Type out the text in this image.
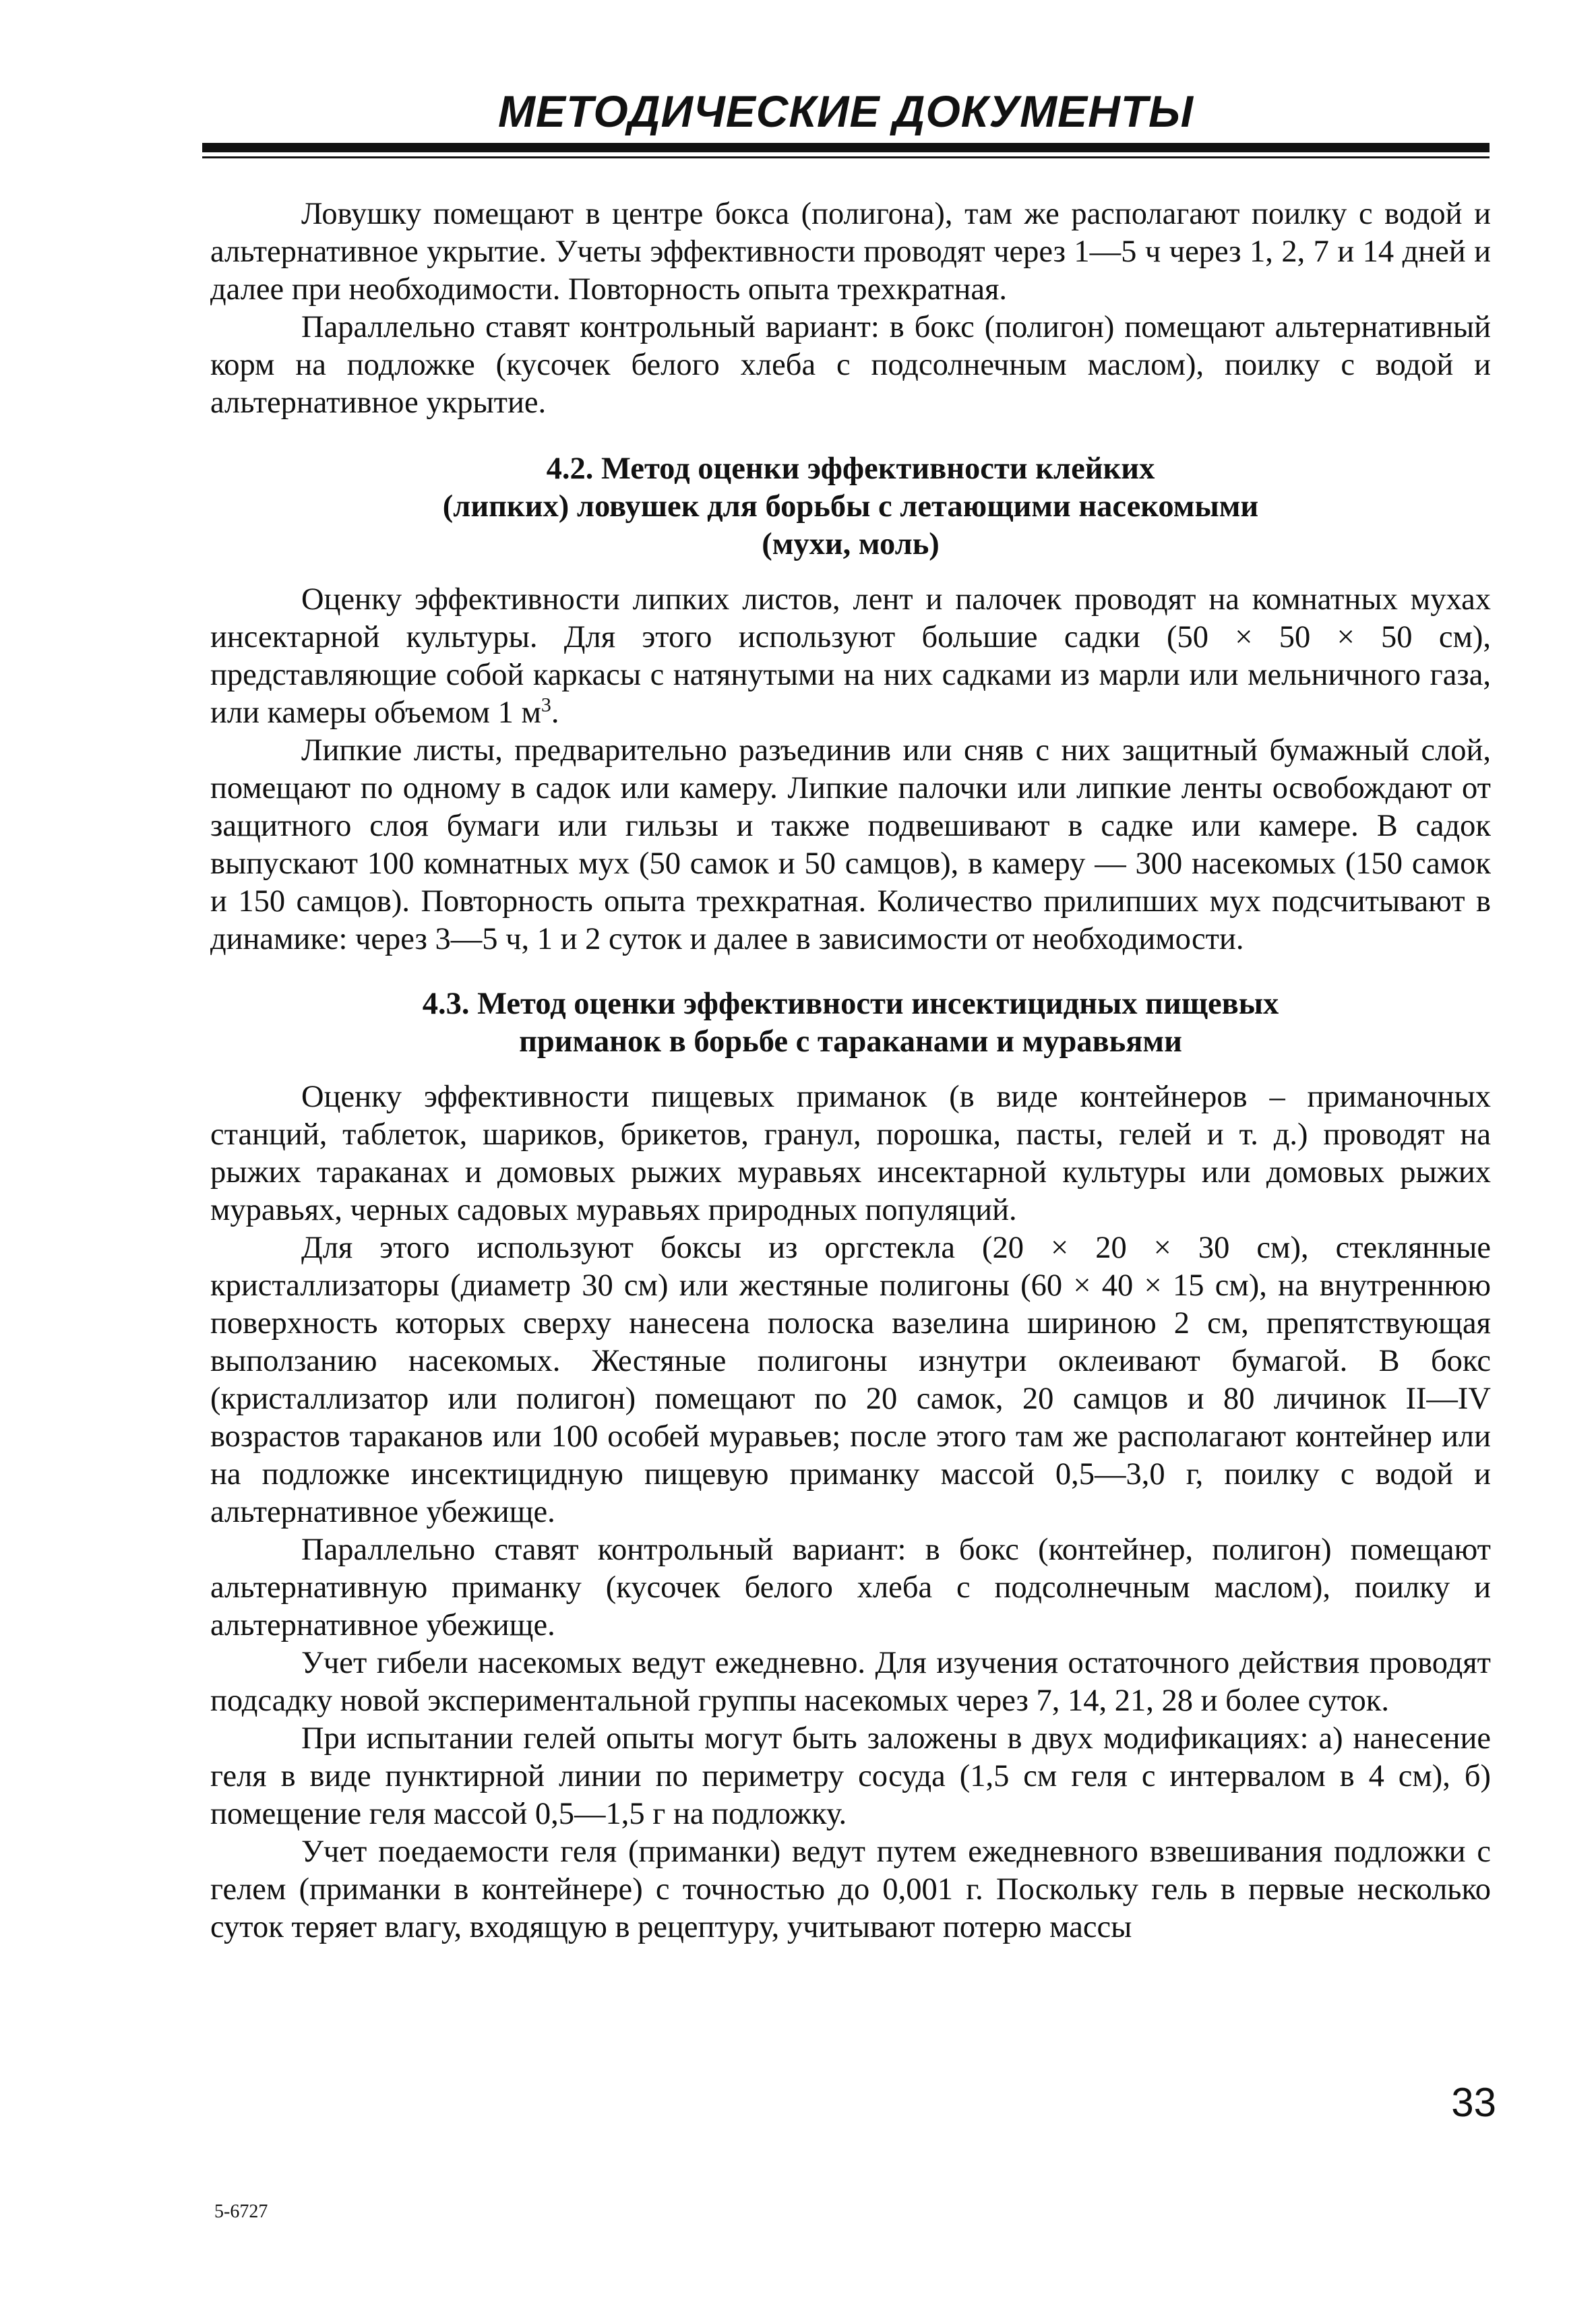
МЕТОДИЧЕСКИЕ ДОКУМЕНТЫ

Ловушку помещают в центре бокса (полигона), там же располагают поилку с водой и альтернативное укрытие. Учеты эффективности проводят через 1—5 ч через 1, 2, 7 и 14 дней и далее при необходимости. Повторность опыта трехкратная.

Параллельно ставят контрольный вариант: в бокс (полигон) помещают альтернативный корм на подложке (кусочек белого хлеба с подсолнечным маслом), поилку с водой и альтернативное укрытие.

4.2. Метод оценки эффективности клейких
(липких) ловушек для борьбы с летающими насекомыми
(мухи, моль)

Оценку эффективности липких листов, лент и палочек проводят на комнатных мухах инсектарной культуры. Для этого используют большие садки (50 × 50 × 50 см), представляющие собой каркасы с натянутыми на них садками из марли или мельничного газа, или камеры объемом 1 $м^3$.

Липкие листы, предварительно разъединив или сняв с них защитный бумажный слой, помещают по одному в садок или камеру. Липкие палочки или липкие ленты освобождают от защитного слоя бумаги или гильзы и также подвешивают в садке или камере. В садок выпускают 100 комнатных мух (50 самок и 50 самцов), в камеру — 300 насекомых (150 самок и 150 самцов). Повторность опыта трехкратная. Количество прилипших мух подсчитывают в динамике: через 3—5 ч, 1 и 2 суток и далее в зависимости от необходимости.

4.3. Метод оценки эффективности инсектицидных пищевых
приманок в борьбе с тараканами и муравьями

Оценку эффективности пищевых приманок (в виде контейнеров – приманочных станций, таблеток, шариков, брикетов, гранул, порошка, пасты, гелей и т. д.) проводят на рыжих тараканах и домовых рыжих муравьях инсектарной культуры или домовых рыжих муравьях, черных садовых муравьях природных популяций.

Для этого используют боксы из оргстекла (20 × 20 × 30 см), стеклянные кристаллизаторы (диаметр 30 см) или жестяные полигоны (60 × 40 × 15 см), на внутреннюю поверхность которых сверху нанесена полоска вазелина шириною 2 см, препятствующая выползанию насекомых. Жестяные полигоны изнутри оклеивают бумагой. В бокс (кристаллизатор или полигон) помещают по 20 самок, 20 самцов и 80 личинок II—IV возрастов тараканов или 100 особей муравьев; после этого там же располагают контейнер или на подложке инсектицидную пищевую приманку массой 0,5—3,0 г, поилку с водой и альтернативное убежище.

Параллельно ставят контрольный вариант: в бокс (контейнер, полигон) помещают альтернативную приманку (кусочек белого хлеба с подсолнечным маслом), поилку и альтернативное убежище.

Учет гибели насекомых ведут ежедневно. Для изучения остаточного действия проводят подсадку новой экспериментальной группы насекомых через 7, 14, 21, 28 и более суток.

При испытании гелей опыты могут быть заложены в двух модификациях: а) нанесение геля в виде пунктирной линии по периметру сосуда (1,5 см геля с интервалом в 4 см), б) помещение геля массой 0,5—1,5 г на подложку.

Учет поедаемости геля (приманки) ведут путем ежедневного взвешивания подложки с гелем (приманки в контейнере) с точностью до 0,001 г. Поскольку гель в первые несколько суток теряет влагу, входящую в рецептуру, учитывают потерю массы

33
5-6727
